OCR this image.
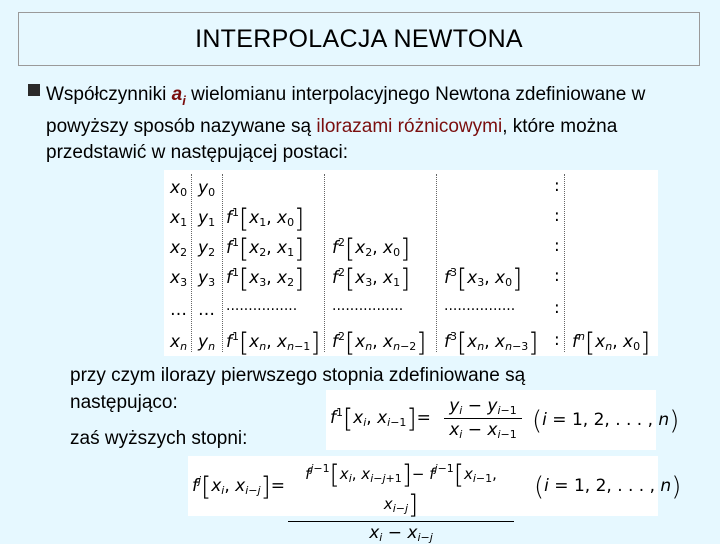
INTERPOLACJA NEWTONA
Współczynniki $a_i$ wielomianu interpolacyjnego Newtona zdefiniowane w powyższy sposób nazywane są ilorazami różnicowymi, które można przedstawić w następującej postaci:
$x_0$
$x_1$
$x_2$
$x_3$
…
$x_n$
$y_0$
$y_1$
$y_2$
$y_3$
…
$y_n$
$f^1[x_1$, $x_0$]
$f^1[x_2$, $x_1$]
$f^1[x_3$, $x_2$]
................
$f^1[x_n$, $x_{n-1}$]
$f^2[x_2$, $x_0$]
$f^2[x_3$, $x_1$]
................
$f^2[x_n$, $x_{n-2}$]
$f^3[x_3$, $x_0$]
................
$f^3[x_n$, $x_{n-3}$]
:
:
:
:
:
: $f^n[x_n$, $x_0$]
przy czym ilorazy pierwszego stopnia zdefiniowane są następująco:
$f^1[x_i$, $x_{i-1}]=$
$y_i - y_{i-1}$
$x_i - x_{i-1}$ (i = 1, 2, . . . , n)
zaś wyższych stopni:
$f^j[x_i$, $x_{i-j}]=$
$f^{j-1}[x_i$, $x_{i-j+1}]- f^{j-1}[x_{i-1}$, $x_{i-j}$]
$x_i - x_{i-j}$
(i = 1, 2, . . . , n)
